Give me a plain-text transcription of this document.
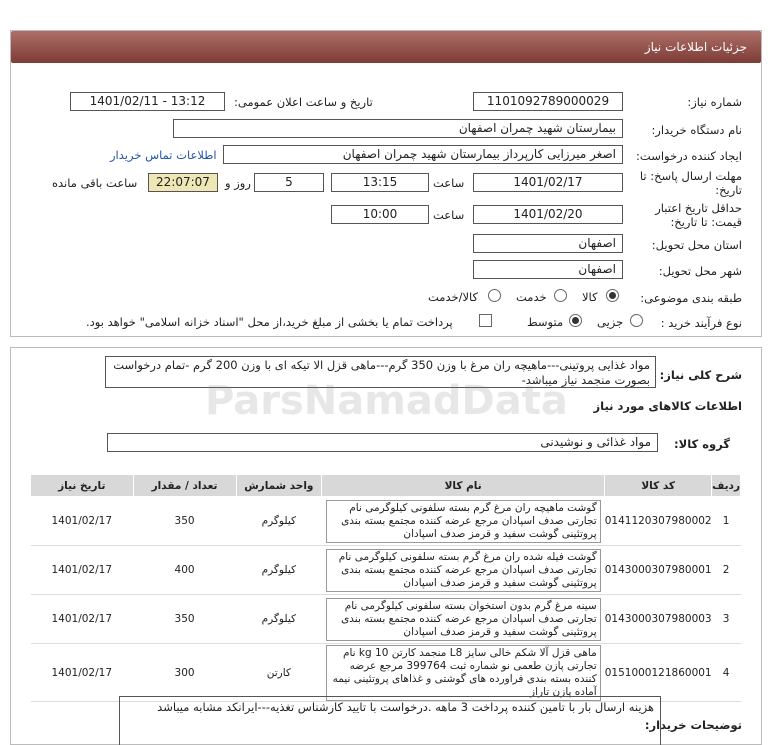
جزئیات اطلاعات نیاز
شماره نیاز:
1101092789000029
تاریخ و ساعت اعلان عمومی:
1401/02/11 - 13:12
نام دستگاه خریدار:
بیمارستان شهید چمران اصفهان
ایجاد کننده درخواست:
اصغر میرزایی کارپرداز بیمارستان شهید چمران اصفهان
اطلاعات تماس خریدار
مهلت ارسال پاسخ: تا
تاریخ:
1401/02/17
ساعت
13:15
5
روز و
22:07:07
ساعت باقی مانده
حداقل تاریخ اعتبار
قیمت: تا تاریخ:
1401/02/20
ساعت
10:00
استان محل تحویل:
اصفهان
شهر محل تحویل:
اصفهان
طبقه بندی موضوعی:
کالا
خدمت
کالا/خدمت
نوع فرآیند خرید :
جزیی
متوسط
پرداخت تمام یا بخشی از مبلغ خرید،از محل "اسناد خزانه اسلامی" خواهد بود.
شرح کلی نیاز:
مواد غذایی پروتینی---ماهیچه ران مرغ با وزن 350 گرم---ماهی قزل الا تیکه ای با وزن 200 گرم -تمام درخواست بصورت منجمد نیاز میباشد-
اطلاعات کالاهای مورد نیاز
گروه کالا:
مواد غذائی و نوشیدنی
ردیف	کد کالا	نام کالا	واحد شمارش	تعداد / مقدار	تاریخ نیاز
1	0141120307980002	گوشت ماهیچه ران مرغ گرم بسته سلفونی کیلوگرمی نام تجارتی صدف اسپادان مرجع عرضه کننده مجتمع بسته بندی پروتئینی گوشت سفید و قرمز صدف اسپادان	کیلوگرم	350	1401/02/17
2	0143000307980001	گوشت فیله شده ران مرغ گرم بسته سلفونی کیلوگرمی نام تجارتی صدف اسپادان مرجع عرضه کننده مجتمع بسته بندی پروتئینی گوشت سفید و قرمز صدف اسپادان	کیلوگرم	400	1401/02/17
3	0143000307980003	سینه مرغ گرم بدون استخوان بسته سلفونی کیلوگرمی نام تجارتی صدف اسپادان مرجع عرضه کننده مجتمع بسته بندی پروتئینی گوشت سفید و قرمز صدف اسپادان	کیلوگرم	350	1401/02/17
4	0151000121860001	ماهی قزل آلا شکم خالی سایز L8 منجمد کارتن 10 kg نام تجارتی پازن طعمی نو شماره ثبت 399764 مرجع عرضه کننده بسته بندی فراورده های گوشتی و غذاهای پروتئینی نیمه آماده پازن تاراز	کارتن	300	1401/02/17
توضیحات خریدار:
هزینه ارسال بار با تامین کننده پرداخت 3 ماهه .درخواست با تایید کارشناس تغذیه---ایرانکد مشابه میباشد
